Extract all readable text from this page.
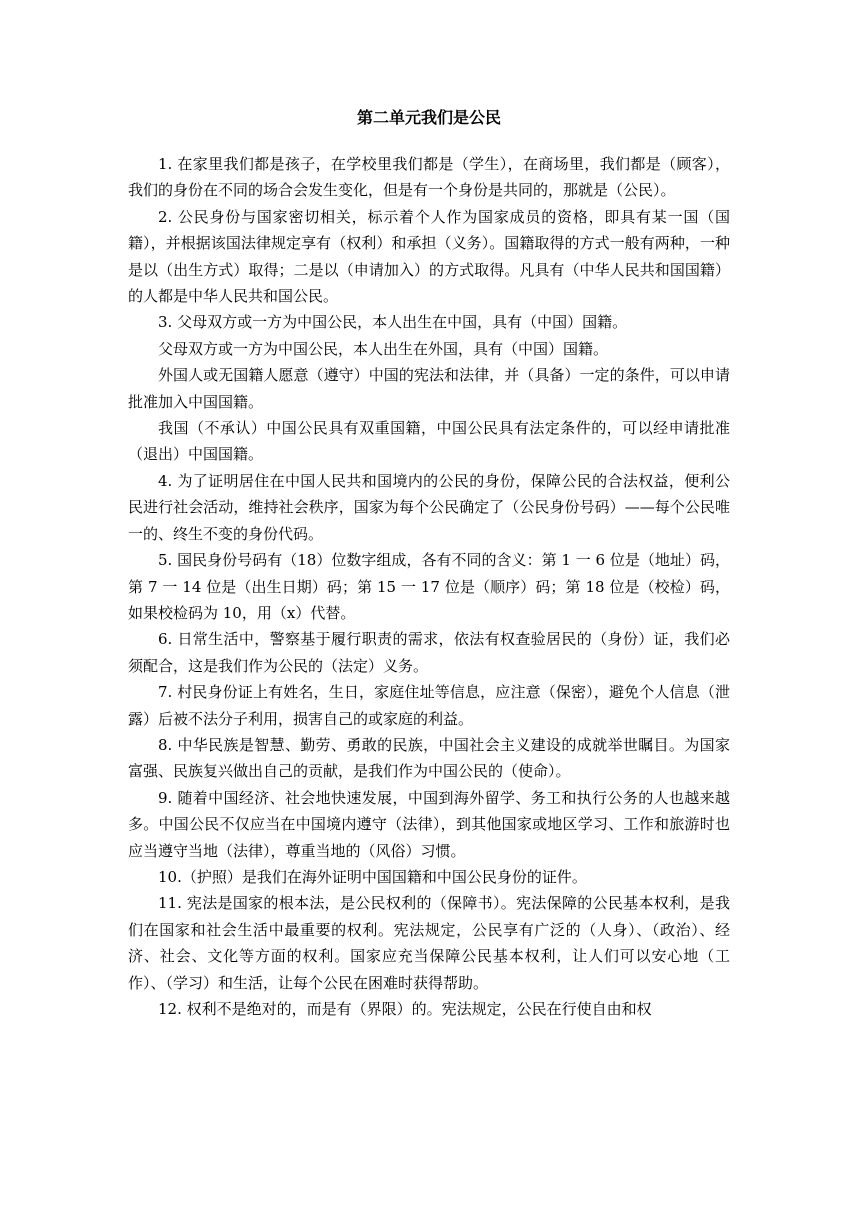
第二单元我们是公民

1. 在家里我们都是孩子，在学校里我们都是（学生），在商场里，我们都是（顾客），我们的身份在不同的场合会发生变化，但是有一个身份是共同的，那就是（公民）。

2. 公民身份与国家密切相关，标示着个人作为国家成员的资格，即具有某一国（国籍），并根据该国法律规定享有（权利）和承担（义务）。国籍取得的方式一般有两种，一种是以（出生方式）取得；二是以（申请加入）的方式取得。凡具有（中华人民共和国国籍）的人都是中华人民共和国公民。

3. 父母双方或一方为中国公民，本人出生在中国，具有（中国）国籍。

父母双方或一方为中国公民，本人出生在外国，具有（中国）国籍。

外国人或无国籍人愿意（遵守）中国的宪法和法律，并（具备）一定的条件，可以申请批准加入中国国籍。

我国（不承认）中国公民具有双重国籍，中国公民具有法定条件的，可以经申请批准（退出）中国国籍。

4. 为了证明居住在中国人民共和国境内的公民的身份，保障公民的合法权益，便利公民进行社会活动，维持社会秩序，国家为每个公民确定了（公民身份号码）——每个公民唯一的、终生不变的身份代码。

5. 国民身份号码有（18）位数字组成，各有不同的含义：第 1 一 6 位是（地址）码，第 7 一 14 位是（出生日期）码；第 15 一 17 位是（顺序）码；第 18 位是（校检）码，如果校检码为 10，用（x）代替。

6. 日常生活中，警察基于履行职责的需求，依法有权查验居民的（身份）证，我们必须配合，这是我们作为公民的（法定）义务。

7. 村民身份证上有姓名，生日，家庭住址等信息，应注意（保密），避免个人信息（泄露）后被不法分子利用，损害自己的或家庭的利益。

8. 中华民族是智慧、勤劳、勇敢的民族，中国社会主义建设的成就举世瞩目。为国家富强、民族复兴做出自己的贡献，是我们作为中国公民的（使命）。

9. 随着中国经济、社会地快速发展，中国到海外留学、务工和执行公务的人也越来越多。中国公民不仅应当在中国境内遵守（法律），到其他国家或地区学习、工作和旅游时也应当遵守当地（法律），尊重当地的（风俗）习惯。

10.（护照）是我们在海外证明中国国籍和中国公民身份的证件。

11. 宪法是国家的根本法，是公民权利的（保障书）。宪法保障的公民基本权利，是我们在国家和社会生活中最重要的权利。宪法规定，公民享有广泛的（人身）、（政治）、经济、社会、文化等方面的权利。国家应充当保障公民基本权利，让人们可以安心地（工作）、（学习）和生活，让每个公民在困难时获得帮助。

12. 权利不是绝对的，而是有（界限）的。宪法规定，公民在行使自由和权
